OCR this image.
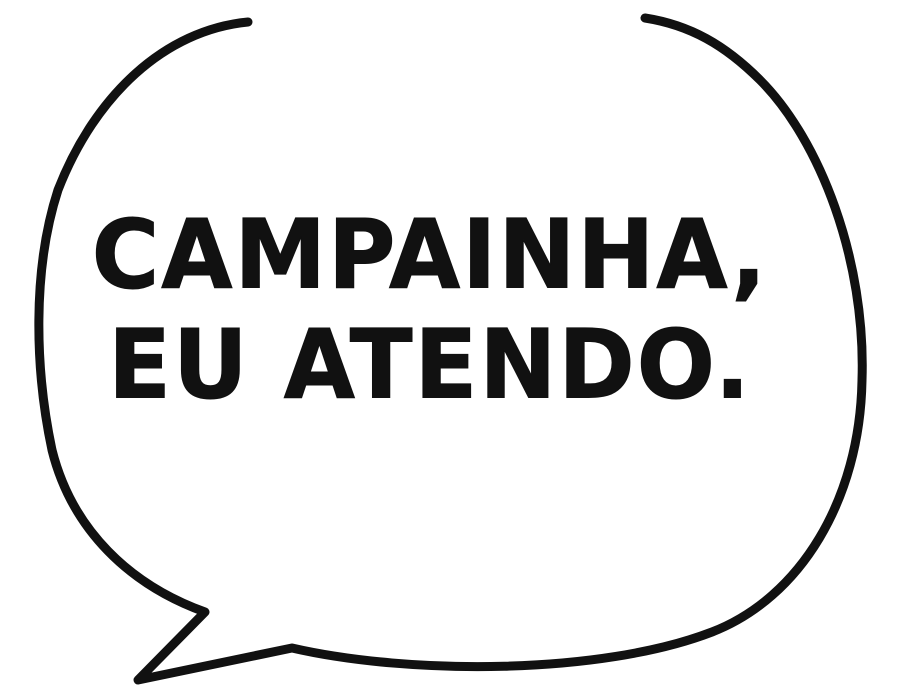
CAMPAINHA,
EU ATENDO.
